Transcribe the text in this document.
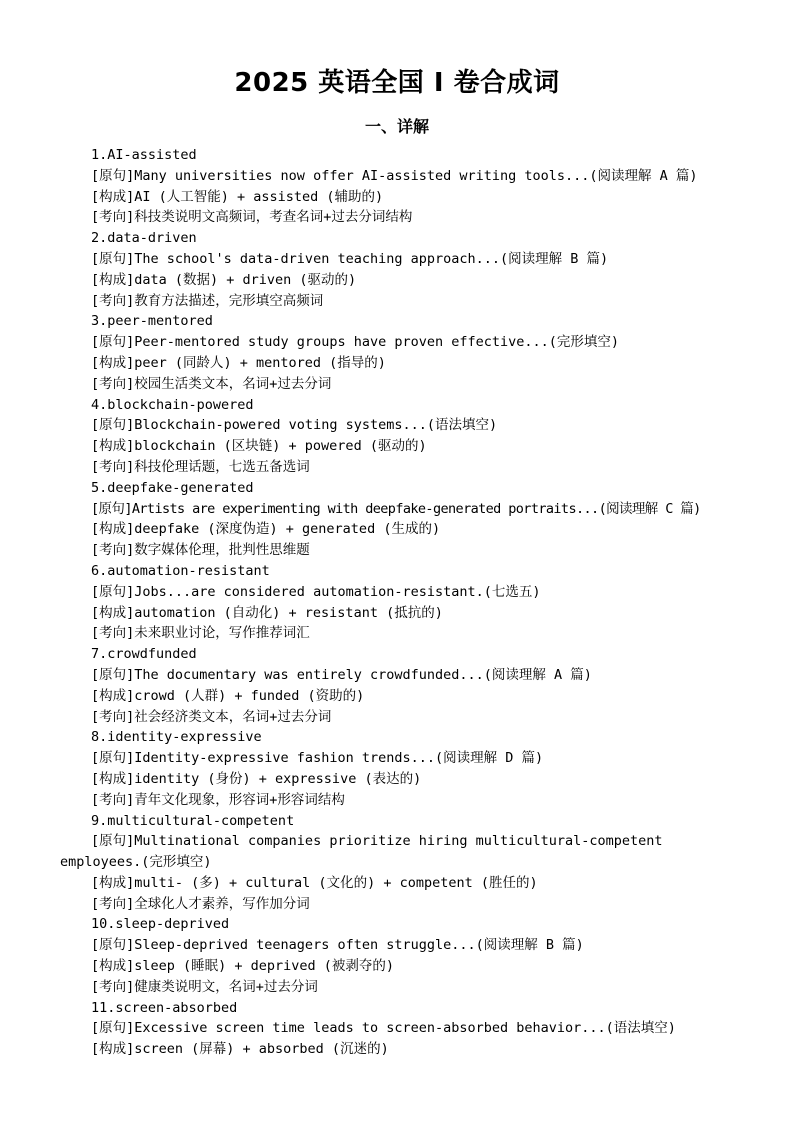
2025 英语全国 I 卷合成词
一、详解
1.AI-assisted
[原句]Many universities now offer AI-assisted writing tools...(阅读理解 A 篇)
[构成]AI (人工智能) + assisted (辅助的)
[考向]科技类说明文高频词，考查名词+过去分词结构
2.data-driven
[原句]The school's data-driven teaching approach...(阅读理解 B 篇)
[构成]data (数据) + driven (驱动的)
[考向]教育方法描述，完形填空高频词
3.peer-mentored
[原句]Peer-mentored study groups have proven effective...(完形填空)
[构成]peer (同龄人) + mentored (指导的)
[考向]校园生活类文本，名词+过去分词
4.blockchain-powered
[原句]Blockchain-powered voting systems...(语法填空)
[构成]blockchain (区块链) + powered (驱动的)
[考向]科技伦理话题，七选五备选词
5.deepfake-generated
[原句]Artists are experimenting with deepfake-generated portraits...(阅读理解 C 篇)
[构成]deepfake (深度伪造) + generated (生成的)
[考向]数字媒体伦理，批判性思维题
6.automation-resistant
[原句]Jobs...are considered automation-resistant.(七选五)
[构成]automation (自动化) + resistant (抵抗的)
[考向]未来职业讨论，写作推荐词汇
7.crowdfunded
[原句]The documentary was entirely crowdfunded...(阅读理解 A 篇)
[构成]crowd (人群) + funded (资助的)
[考向]社会经济类文本，名词+过去分词
8.identity-expressive
[原句]Identity-expressive fashion trends...(阅读理解 D 篇)
[构成]identity (身份) + expressive (表达的)
[考向]青年文化现象，形容词+形容词结构
9.multicultural-competent
[原句]Multinational companies prioritize hiring multicultural-competent
employees.(完形填空)
[构成]multi- (多) + cultural (文化的) + competent (胜任的)
[考向]全球化人才素养，写作加分词
10.sleep-deprived
[原句]Sleep-deprived teenagers often struggle...(阅读理解 B 篇)
[构成]sleep (睡眠) + deprived (被剥夺的)
[考向]健康类说明文，名词+过去分词
11.screen-absorbed
[原句]Excessive screen time leads to screen-absorbed behavior...(语法填空)
[构成]screen (屏幕) + absorbed (沉迷的)
